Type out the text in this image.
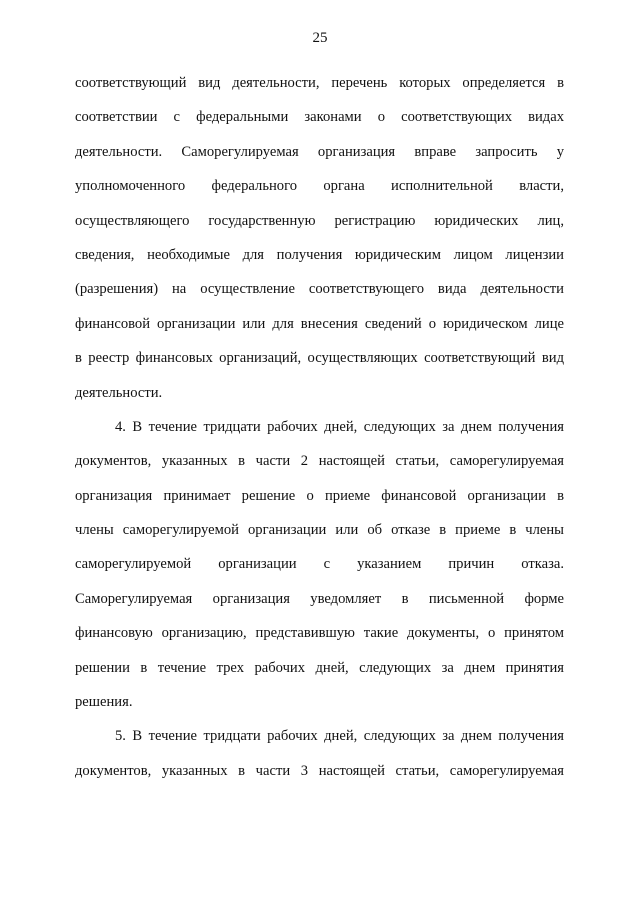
25
соответствующий вид деятельности, перечень которых определяется в
соответствии с федеральными законами о соответствующих видах
деятельности. Саморегулируемая организация вправе запросить у
уполномоченного федерального органа исполнительной власти,
осуществляющего государственную регистрацию юридических лиц,
сведения, необходимые для получения юридическим лицом лицензии
(разрешения) на осуществление соответствующего вида деятельности
финансовой организации или для внесения сведений о юридическом лице
в реестр финансовых организаций, осуществляющих соответствующий вид
деятельности.
4. В течение тридцати рабочих дней, следующих за днем получения
документов, указанных в части 2 настоящей статьи, саморегулируемая
организация принимает решение о приеме финансовой организации в
члены саморегулируемой организации или об отказе в приеме в члены
саморегулируемой организации с указанием причин отказа.
Саморегулируемая организация уведомляет в письменной форме
финансовую организацию, представившую такие документы, о принятом
решении в течение трех рабочих дней, следующих за днем принятия
решения.
5. В течение тридцати рабочих дней, следующих за днем получения
документов, указанных в части 3 настоящей статьи, саморегулируемая
